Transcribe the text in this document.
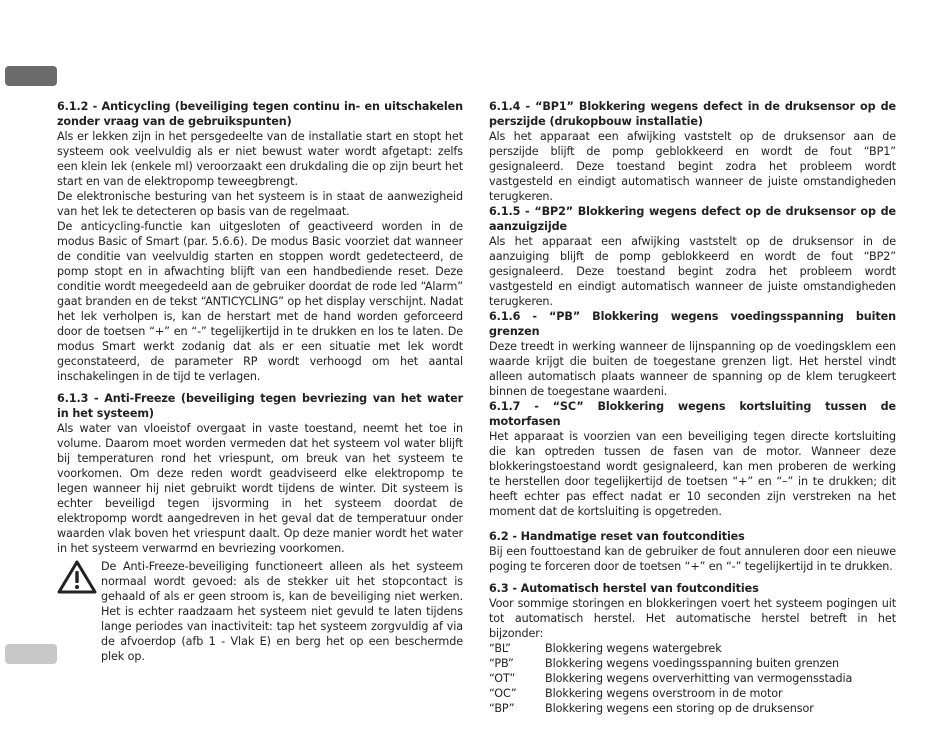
6.1.2 - Anticycling (beveiliging tegen continu in- en uitschakelen zonder vraag van de gebruikspunten)

Als er lekken zijn in het persgedeelte van de installatie start en stopt het systeem ook veelvuldig als er niet bewust water wordt afgetapt: zelfs een klein lek (enkele ml) veroorzaakt een drukdaling die op zijn beurt het start en van de elektropomp teweegbrengt.

De elektronische besturing van het systeem is in staat de aanwezigheid van het lek te detecteren op basis van de regelmaat.

De anticycling-functie kan uitgesloten of geactiveerd worden in de modus Basic of Smart (par. 5.6.6). De modus Basic voorziet dat wanneer de conditie van veelvuldig starten en stoppen wordt gedetecteerd, de pomp stopt en in afwachting blijft van een handbediende reset. Deze conditie wordt meegedeeld aan de gebruiker doordat de rode led “Alarm” gaat branden en de tekst “ANTICYCLING” op het display verschijnt. Nadat het lek verholpen is, kan de herstart met de hand worden geforceerd door de toetsen “+” en “-” tegelijkertijd in te drukken en los te laten. De modus Smart werkt zodanig dat als er een situatie met lek wordt geconstateerd, de parameter RP wordt verhoogd om het aantal inschakelingen in de tijd te verlagen.

6.1.3 - Anti-Freeze (beveiliging tegen bevriezing van het water in het systeem)

Als water van vloeistof overgaat in vaste toestand, neemt het toe in volume. Daarom moet worden vermeden dat het systeem vol water blijft bij temperaturen rond het vriespunt, om breuk van het systeem te voorkomen. Om deze reden wordt geadviseerd elke elektropomp te legen wanneer hij niet gebruikt wordt tijdens de winter. Dit systeem is echter beveiligd tegen ijsvorming in het systeem doordat de elektropomp wordt aangedreven in het geval dat de temperatuur onder waarden vlak boven het vriespunt daalt. Op deze manier wordt het water in het systeem verwarmd en bevriezing voorkomen.

De Anti-Freeze-beveiliging functioneert alleen als het systeem normaal wordt gevoed: als de stekker uit het stopcontact is gehaald of als er geen stroom is, kan de beveiliging niet werken. Het is echter raadzaam het systeem niet gevuld te laten tijdens lange periodes van inactiviteit: tap het systeem zorgvuldig af via de afvoerdop (afb 1 - Vlak E) en berg het op een beschermde plek op.

6.1.4 - “BP1” Blokkering wegens defect in de druksensor op de perszijde (drukopbouw installatie)

Als het apparaat een afwijking vaststelt op de druksensor aan de perszijde blijft de pomp geblokkeerd en wordt de fout “BP1” gesignaleerd. Deze toestand begint zodra het probleem wordt vastgesteld en eindigt automatisch wanneer de juiste omstandigheden terugkeren.

6.1.5 - “BP2” Blokkering wegens defect op de druksensor op de aanzuigzijde

Als het apparaat een afwijking vaststelt op de druksensor in de aanzuiging blijft de pomp geblokkeerd en wordt de fout “BP2” gesignaleerd. Deze toestand begint zodra het probleem wordt vastgesteld en eindigt automatisch wanneer de juiste omstandigheden terugkeren.

6.1.6 - “PB” Blokkering wegens voedingsspanning buiten grenzen

Deze treedt in werking wanneer de lijnspanning op de voedingsklem een waarde krijgt die buiten de toegestane grenzen ligt. Het herstel vindt alleen automatisch plaats wanneer de spanning op de klem terugkeert binnen de toegestane waardeni.

6.1.7 - “SC” Blokkering wegens kortsluiting tussen de motorfasen

Het apparaat is voorzien van een beveiliging tegen directe kortsluiting die kan optreden tussen de fasen van de motor. Wanneer deze blokkeringstoestand wordt gesignaleerd, kan men proberen de werking te herstellen door tegelijkertijd de toetsen “+” en “–” in te drukken; dit heeft echter pas effect nadat er 10 seconden zijn verstreken na het moment dat de kortsluiting is opgetreden.

6.2 - Handmatige reset van foutcondities

Bij een fouttoestand kan de gebruiker de fout annuleren door een nieuwe poging te forceren door de toetsen “+” en “-” tegelijkertijd in te drukken.

6.3 - Automatisch herstel van foutcondities

Voor sommige storingen en blokkeringen voert het systeem pogingen uit tot automatisch herstel. Het automatische herstel betreft in het bijzonder:

“BL”	Blokkering wegens watergebrek
“PB”	Blokkering wegens voedingsspanning buiten grenzen
“OT”	Blokkering wegens oververhitting van vermogensstadia
“OC”	Blokkering wegens overstroom in de motor
“BP”	Blokkering wegens een storing op de druksensor
